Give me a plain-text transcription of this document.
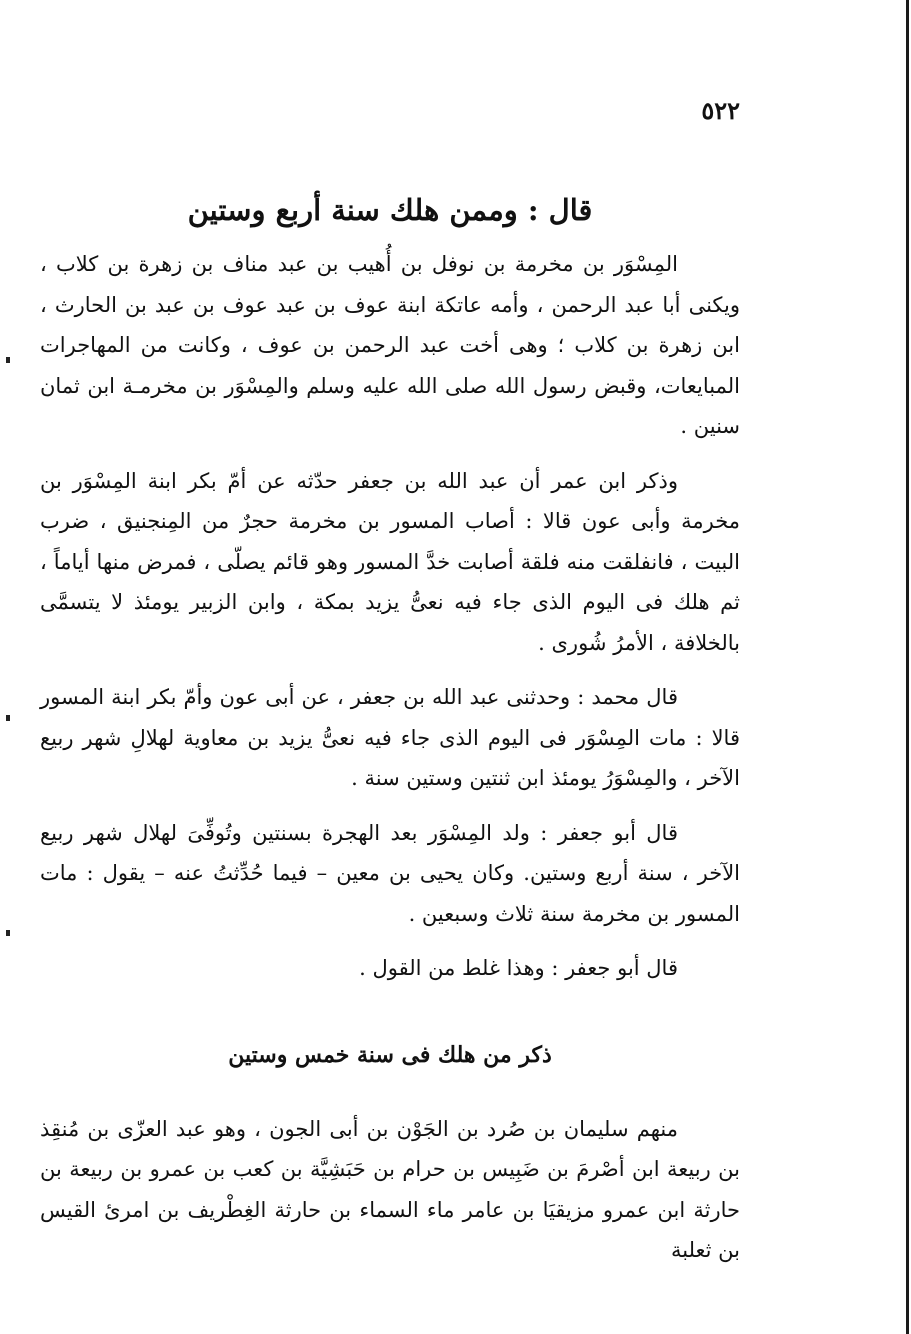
٥٢٢
قال : وممن هلك سنة أربع وستين

المِسْوَر بن مخرمة بن نوفل بن أُهيب بن عبد مناف بن زهرة بن كلاب ، ويكنى أبا عبد الرحمن ، وأمه عاتكة ابنة عوف بن عبد عوف بن عبد بن الحارث ، ابن زهرة بن كلاب ؛ وهى أخت عبد الرحمن بن عوف ، وكانت من المهاجرات المبايعات، وقبض رسول الله صلى الله عليه وسلم والمِسْوَر بن مخرمـة ابن ثمان سنين .

وذكر ابن عمر أن عبد الله بن جعفر حدّثه عن أمّ بكر ابنة المِسْوَر بن مخرمة وأبى عون قالا : أصاب المسور بن مخرمة حجرٌ من المِنجنيق ، ضرب البيت ، فانفلقت منه فلقة أصابت خدَّ المسور وهو قائم يصلّى ، فمرض منها أياماً ، ثم هلك فى اليوم الذى جاء فيه نعىُّ يزيد بمكة ، وابن الزبير يومئذ لا يتسمَّى بالخلافة ، الأمرُ شُورى .

قال محمد : وحدثنى عبد الله بن جعفر ، عن أبى عون وأمّ بكر ابنة المسور قالا : مات المِسْوَر فى اليوم الذى جاء فيه نعىُّ يزيد بن معاوية لهلالِ شهر ربيع الآخر ، والمِسْوَرُ يومئذ ابن ثنتين وستين سنة .

قال أبو جعفر : ولد المِسْوَر بعد الهجرة بسنتين وتُوفِّىَ لهلال شهر ربيع الآخر ، سنة أربع وستين. وكان يحيى بن معين – فيما حُدِّثتُ عنه – يقول : مات المسور بن مخرمة سنة ثلاث وسبعين .

قال أبو جعفر : وهذا غلط من القول .

ذكر من هلك فى سنة خمس وستين

منهم سليمان بن صُرد بن الجَوْن بن أبى الجون ، وهو عبد العزّى بن مُنقِذ بن ربيعة ابن أصْرمَ بن ضَبِيس بن حرام بن حَبَشِيَّة بن كعب بن عمرو بن ربيعة بن حارثة ابن عمرو مزيقيَا بن عامر ماء السماء بن حارثة الغِطْريف بن امرئ القيس بن ثعلبة
